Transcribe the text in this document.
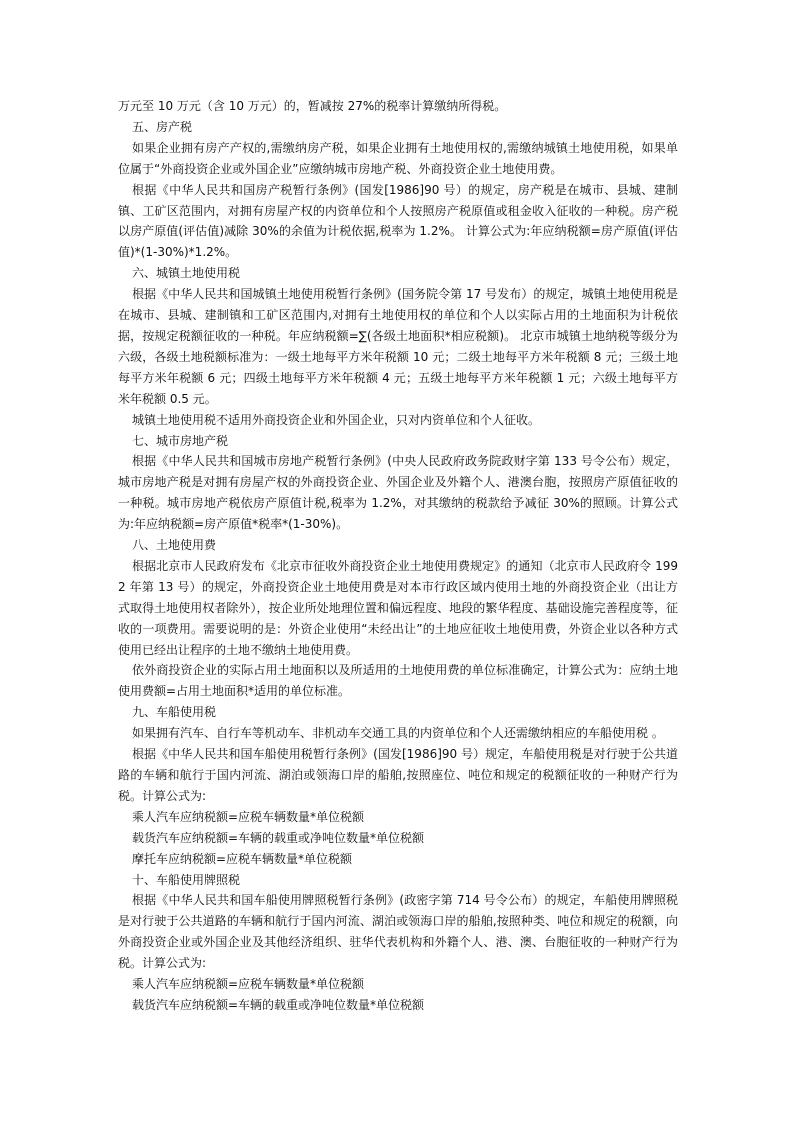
万元至 10 万元（含 10 万元）的，暂减按 27%的税率计算缴纳所得税。

五、房产税

如果企业拥有房产产权的,需缴纳房产税，如果企业拥有土地使用权的,需缴纳城镇土地使用税，如果单位属于“外商投资企业或外国企业”应缴纳城市房地产税、外商投资企业土地使用费。

根据《中华人民共和国房产税暂行条例》(国发[1986]90 号）的规定，房产税是在城市、县城、建制镇、工矿区范围内，对拥有房屋产权的内资单位和个人按照房产税原值或租金收入征收的一种税。房产税以房产原值(评估值)减除 30%的余值为计税依据,税率为 1.2%。 计算公式为:年应纳税额=房产原值(评估值)*(1-30%)*1.2%。

六、城镇土地使用税

根据《中华人民共和国城镇土地使用税暂行条例》(国务院令第 17 号发布）的规定，城镇土地使用税是在城市、县城、建制镇和工矿区范围内,对拥有土地使用权的单位和个人以实际占用的土地面积为计税依据，按规定税额征收的一种税。年应纳税额=∑(各级土地面积*相应税额)。 北京市城镇土地纳税等级分为六级，各级土地税额标准为：一级土地每平方米年税额 10 元；二级土地每平方米年税额 8 元；三级土地每平方米年税额 6 元；四级土地每平方米年税额 4 元；五级土地每平方米年税额 1 元；六级土地每平方米年税额 0.5 元。

城镇土地使用税不适用外商投资企业和外国企业，只对内资单位和个人征收。

七、城市房地产税

根据《中华人民共和国城市房地产税暂行条例》(中央人民政府政务院政财字第 133 号令公布）规定，城市房地产税是对拥有房屋产权的外商投资企业、外国企业及外籍个人、港澳台胞，按照房产原值征收的一种税。城市房地产税依房产原值计税,税率为 1.2%，对其缴纳的税款给予减征 30%的照顾。计算公式为:年应纳税额=房产原值*税率*(1-30%)。

八、土地使用费

根据北京市人民政府发布《北京市征收外商投资企业土地使用费规定》的通知（北京市人民政府令 1992 年第 13 号）的规定，外商投资企业土地使用费是对本市行政区域内使用土地的外商投资企业（出让方式取得土地使用权者除外），按企业所处地理位置和偏远程度、地段的繁华程度、基础设施完善程度等，征收的一项费用。需要说明的是：外资企业使用“未经出让”的土地应征收土地使用费，外资企业以各种方式使用已经出让程序的土地不缴纳土地使用费。

依外商投资企业的实际占用土地面积以及所适用的土地使用费的单位标准确定，计算公式为：应纳土地使用费额=占用土地面积*适用的单位标准。

九、车船使用税

如果拥有汽车、自行车等机动车、非机动车交通工具的内资单位和个人还需缴纳相应的车船使用税 。

根据《中华人民共和国车船使用税暂行条例》(国发[1986]90 号）规定，车船使用税是对行驶于公共道路的车辆和航行于国内河流、湖泊或领海口岸的船舶,按照座位、吨位和规定的税额征收的一种财产行为税。计算公式为:

乘人汽车应纳税额=应税车辆数量*单位税额

载货汽车应纳税额=车辆的载重或净吨位数量*单位税额

摩托车应纳税额=应税车辆数量*单位税额

十、车船使用牌照税

根据《中华人民共和国车船使用牌照税暂行条例》(政密字第 714 号令公布）的规定，车船使用牌照税是对行驶于公共道路的车辆和航行于国内河流、湖泊或领海口岸的船舶,按照种类、吨位和规定的税额，向外商投资企业或外国企业及其他经济组织、驻华代表机构和外籍个人、港、澳、台胞征收的一种财产行为税。计算公式为:

乘人汽车应纳税额=应税车辆数量*单位税额

载货汽车应纳税额=车辆的载重或净吨位数量*单位税额
